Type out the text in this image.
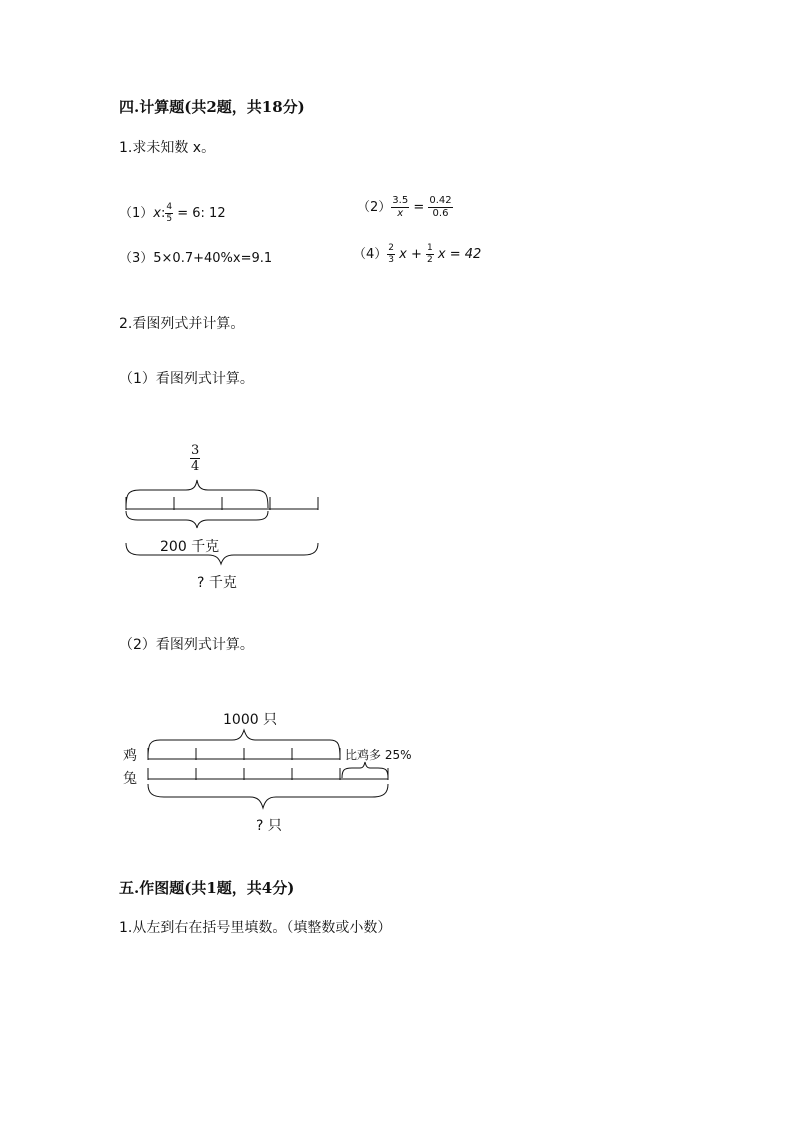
四.计算题(共2题，共18分)
1.求未知数 x。
（1）x: $\frac{4}{5} = 6$: 12	$(2) \frac{3.5}{x} = \frac{0.42}{0.6}$
（3）5×0.7+40%x=9.1	$(4) \frac{2}{3}$ $x + \frac{1}{2}$ x = 42
2.看图列式并计算。
（1）看图列式计算。
$\frac{3}{4}$
200 千克
? 千克
（2）看图列式计算。
1000 只
鸡
兔
比鸡多 25%
? 只
五.作图题(共1题，共4分)
1.从左到右在括号里填数。（填整数或小数）
